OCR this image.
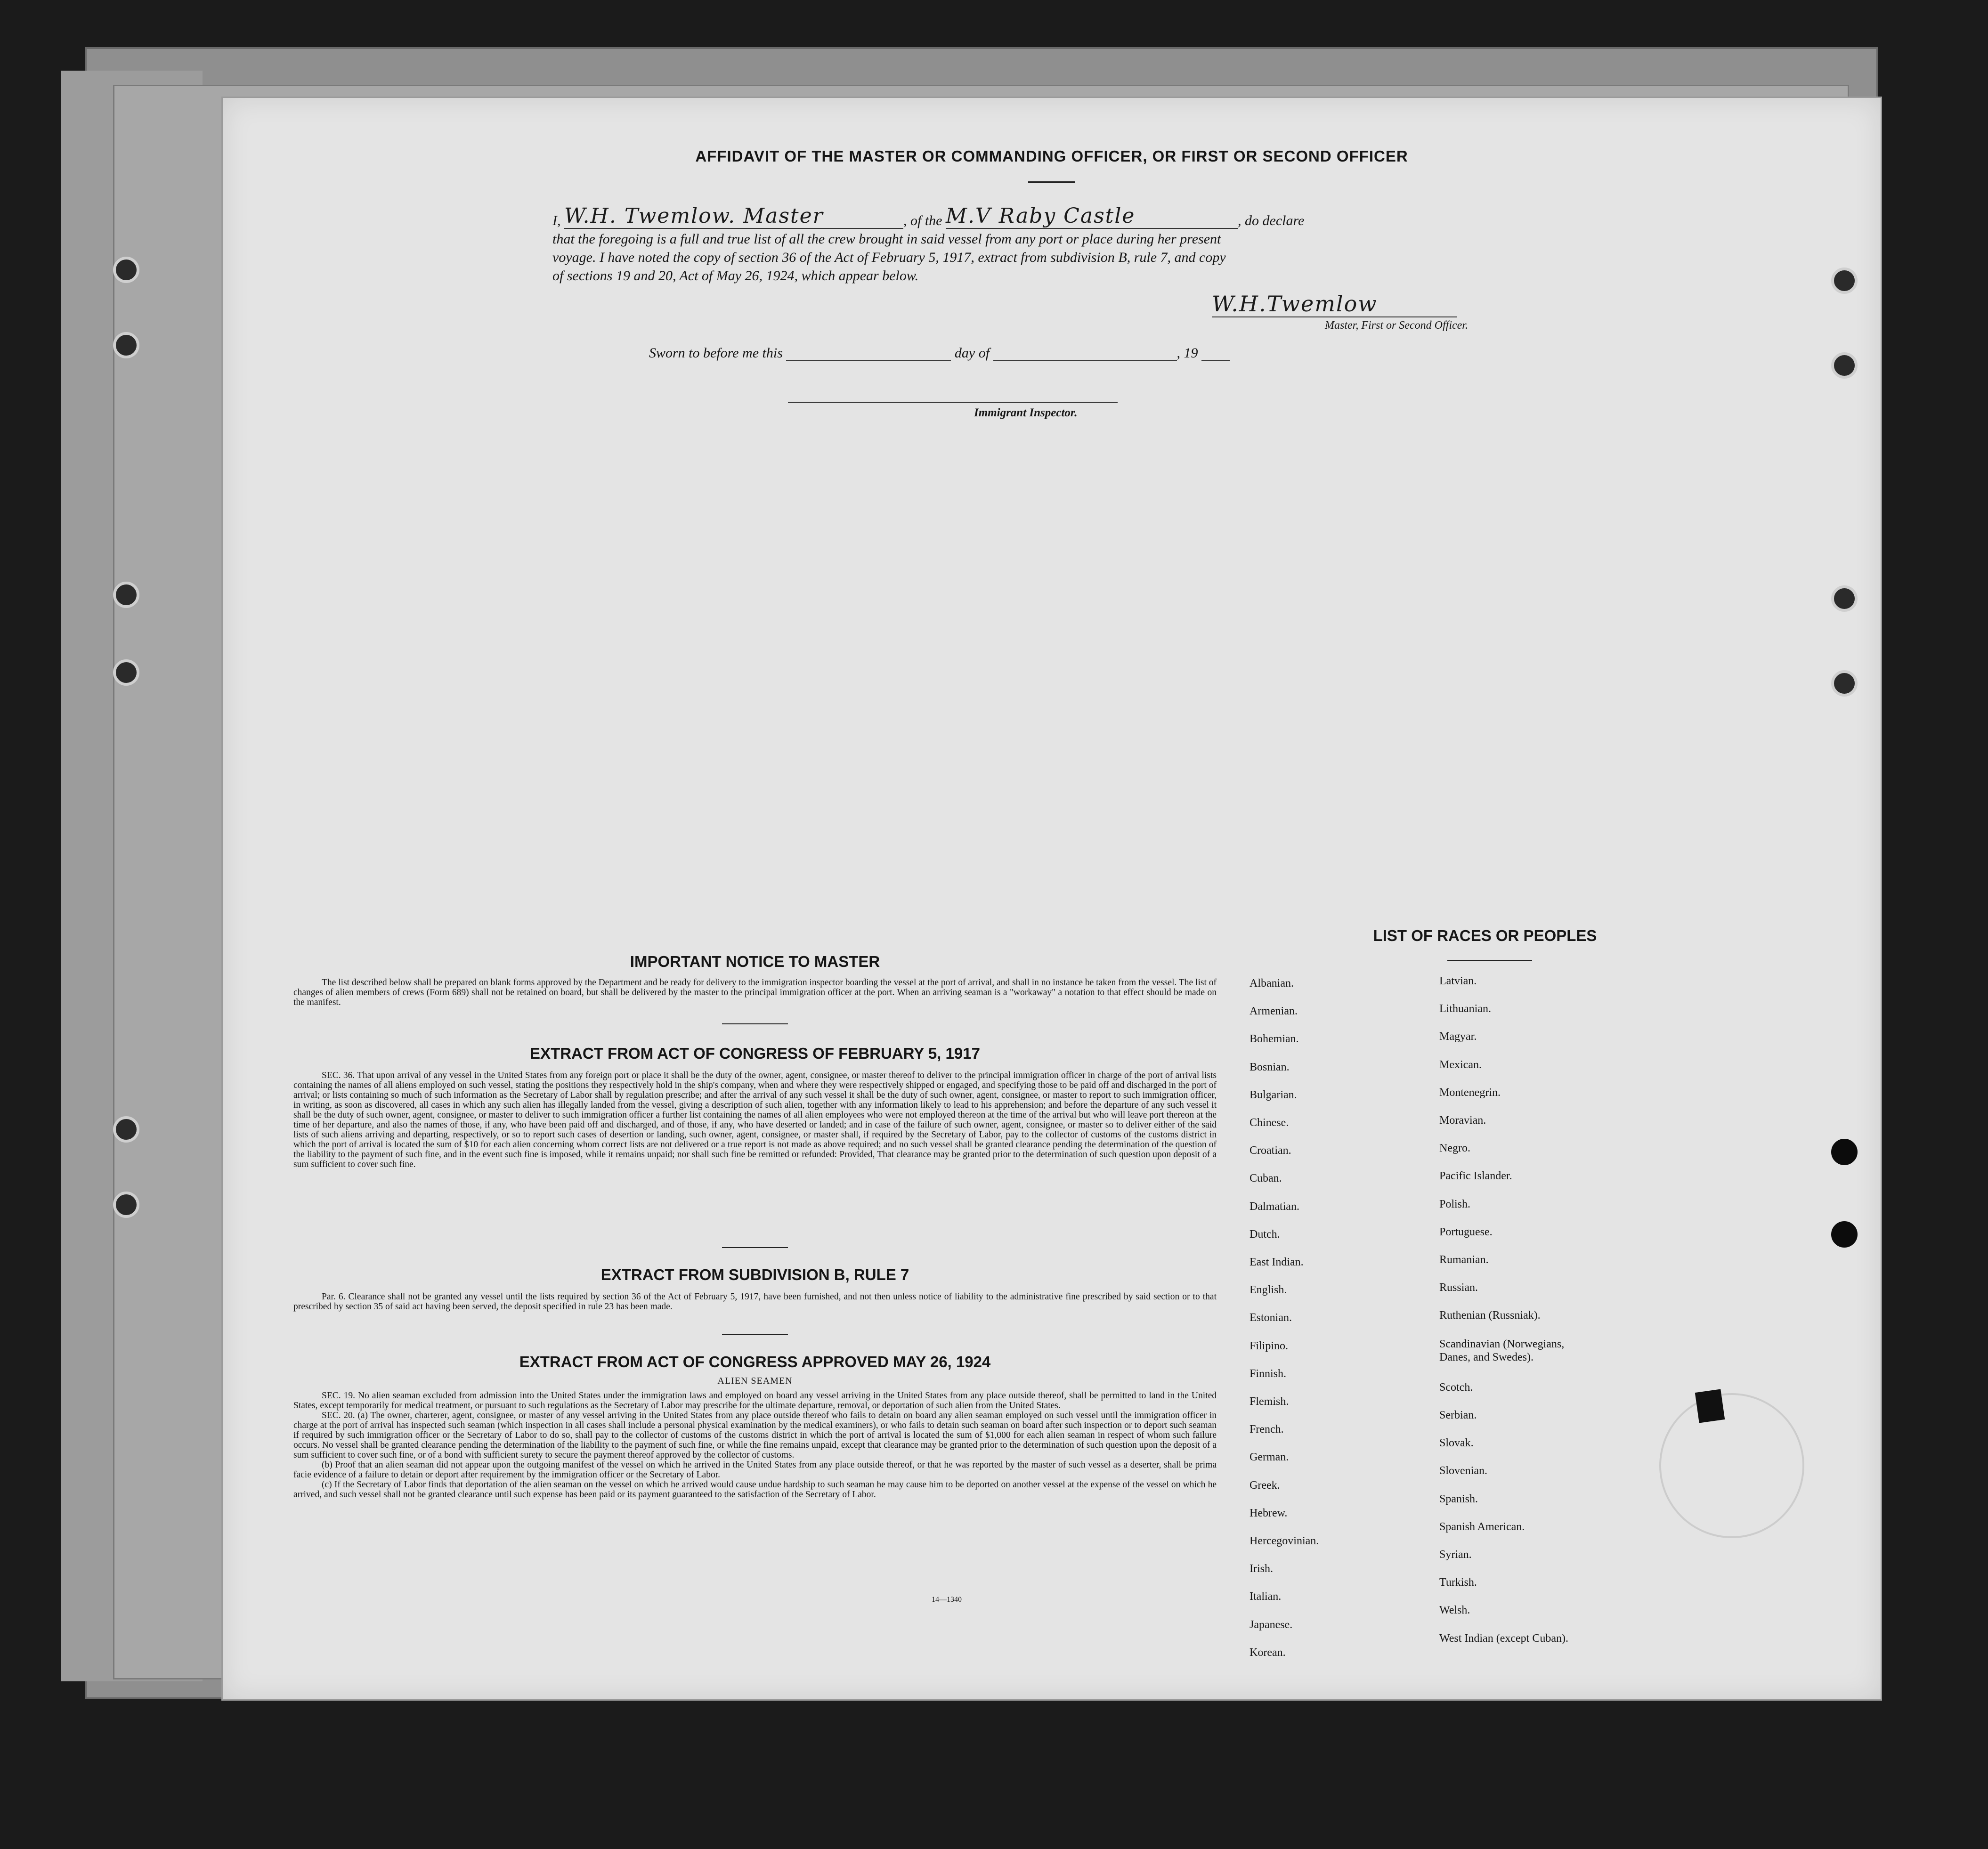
AFFIDAVIT OF THE MASTER OR COMMANDING OFFICER, OR FIRST OR SECOND OFFICER
I, W.H. Twemlow. Master	, of the M.V Raby Castle	, do declare
that the foregoing is a full and true list of all the crew brought in said vessel from any port or place during her present
voyage. I have noted the copy of section 36 of the Act of February 5, 1917, extract from subdivision B, rule 7, and copy
of sections 19 and 20, Act of May 26, 1924, which appear below.
W.H.Twemlow
Master, First or Second Officer.
Sworn to before me this	day of	, 19
Immigrant Inspector.
IMPORTANT NOTICE TO MASTER
The list described below shall be prepared on blank forms approved by the Department and be ready for delivery to the immigration inspector boarding the vessel at the port of arrival, and shall in no instance be taken from the vessel. The list of changes of alien members of crews (Form 689) shall not be retained on board, but shall be delivered by the master to the principal immigration officer at the port. When an arriving seaman is a "workaway" a notation to that effect should be made on the manifest.
EXTRACT FROM ACT OF CONGRESS OF FEBRUARY 5, 1917
SEC. 36. That upon arrival of any vessel in the United States from any foreign port or place it shall be the duty of the owner, agent, consignee, or master thereof to deliver to the principal immigration officer in charge of the port of arrival lists containing the names of all aliens employed on such vessel, stating the positions they respectively hold in the ship's company, when and where they were respectively shipped or engaged, and specifying those to be paid off and discharged in the port of arrival; or lists containing so much of such information as the Secretary of Labor shall by regulation prescribe; and after the arrival of any such vessel it shall be the duty of such owner, agent, consignee, or master to report to such immigration officer, in writing, as soon as discovered, all cases in which any such alien has illegally landed from the vessel, giving a description of such alien, together with any information likely to lead to his apprehension; and before the departure of any such vessel it shall be the duty of such owner, agent, consignee, or master to deliver to such immigration officer a further list containing the names of all alien employees who were not employed thereon at the time of the arrival but who will leave port thereon at the time of her departure, and also the names of those, if any, who have been paid off and discharged, and of those, if any, who have deserted or landed; and in case of the failure of such owner, agent, consignee, or master so to deliver either of the said lists of such aliens arriving and departing, respectively, or so to report such cases of desertion or landing, such owner, agent, consignee, or master shall, if required by the Secretary of Labor, pay to the collector of customs of the customs district in which the port of arrival is located the sum of $10 for each alien concerning whom correct lists are not delivered or a true report is not made as above required; and no such vessel shall be granted clearance pending the determination of the question of the liability to the payment of such fine, and in the event such fine is imposed, while it remains unpaid; nor shall such fine be remitted or refunded: Provided, That clearance may be granted prior to the determination of such question upon deposit of a sum sufficient to cover such fine.
EXTRACT FROM SUBDIVISION B, RULE 7
Par. 6. Clearance shall not be granted any vessel until the lists required by section 36 of the Act of February 5, 1917, have been furnished, and not then unless notice of liability to the administrative fine prescribed by said section or to that prescribed by section 35 of said act having been served, the deposit specified in rule 23 has been made.
EXTRACT FROM ACT OF CONGRESS APPROVED MAY 26, 1924
ALIEN SEAMEN
SEC. 19. No alien seaman excluded from admission into the United States under the immigration laws and employed on board any vessel arriving in the United States from any place outside thereof, shall be permitted to land in the United States, except temporarily for medical treatment, or pursuant to such regulations as the Secretary of Labor may prescribe for the ultimate departure, removal, or deportation of such alien from the United States.
SEC. 20. (a) The owner, charterer, agent, consignee, or master of any vessel arriving in the United States from any place outside thereof who fails to detain on board any alien seaman employed on such vessel until the immigration officer in charge at the port of arrival has inspected such seaman (which inspection in all cases shall include a personal physical examination by the medical examiners), or who fails to detain such seaman on board after such inspection or to deport such seaman if required by such immigration officer or the Secretary of Labor to do so, shall pay to the collector of customs of the customs district in which the port of arrival is located the sum of $1,000 for each alien seaman in respect of whom such failure occurs. No vessel shall be granted clearance pending the determination of the liability to the payment of such fine, or while the fine remains unpaid, except that clearance may be granted prior to the determination of such question upon the deposit of a sum sufficient to cover such fine, or of a bond with sufficient surety to secure the payment thereof approved by the collector of customs.
(b) Proof that an alien seaman did not appear upon the outgoing manifest of the vessel on which he arrived in the United States from any place outside thereof, or that he was reported by the master of such vessel as a deserter, shall be prima facie evidence of a failure to detain or deport after requirement by the immigration officer or the Secretary of Labor.
(c) If the Secretary of Labor finds that deportation of the alien seaman on the vessel on which he arrived would cause undue hardship to such seaman he may cause him to be deported on another vessel at the expense of the vessel on which he arrived, and such vessel shall not be granted clearance until such expense has been paid or its payment guaranteed to the satisfaction of the Secretary of Labor.
14—1340
LIST OF RACES OR PEOPLES
Albanian.
Armenian.
Bohemian.
Bosnian.
Bulgarian.
Chinese.
Croatian.
Cuban.
Dalmatian.
Dutch.
East Indian.
English.
Estonian.
Filipino.
Finnish.
Flemish.
French.
German.
Greek.
Hebrew.
Hercegovinian.
Irish.
Italian.
Japanese.
Korean.
Latvian.
Lithuanian.
Magyar.
Mexican.
Montenegrin.
Moravian.
Negro.
Pacific Islander.
Polish.
Portuguese.
Rumanian.
Russian.
Ruthenian (Russniak).
Scandinavian (Norwegians, Danes, and Swedes).
Scotch.
Serbian.
Slovak.
Slovenian.
Spanish.
Spanish American.
Syrian.
Turkish.
Welsh.
West Indian (except Cuban).
